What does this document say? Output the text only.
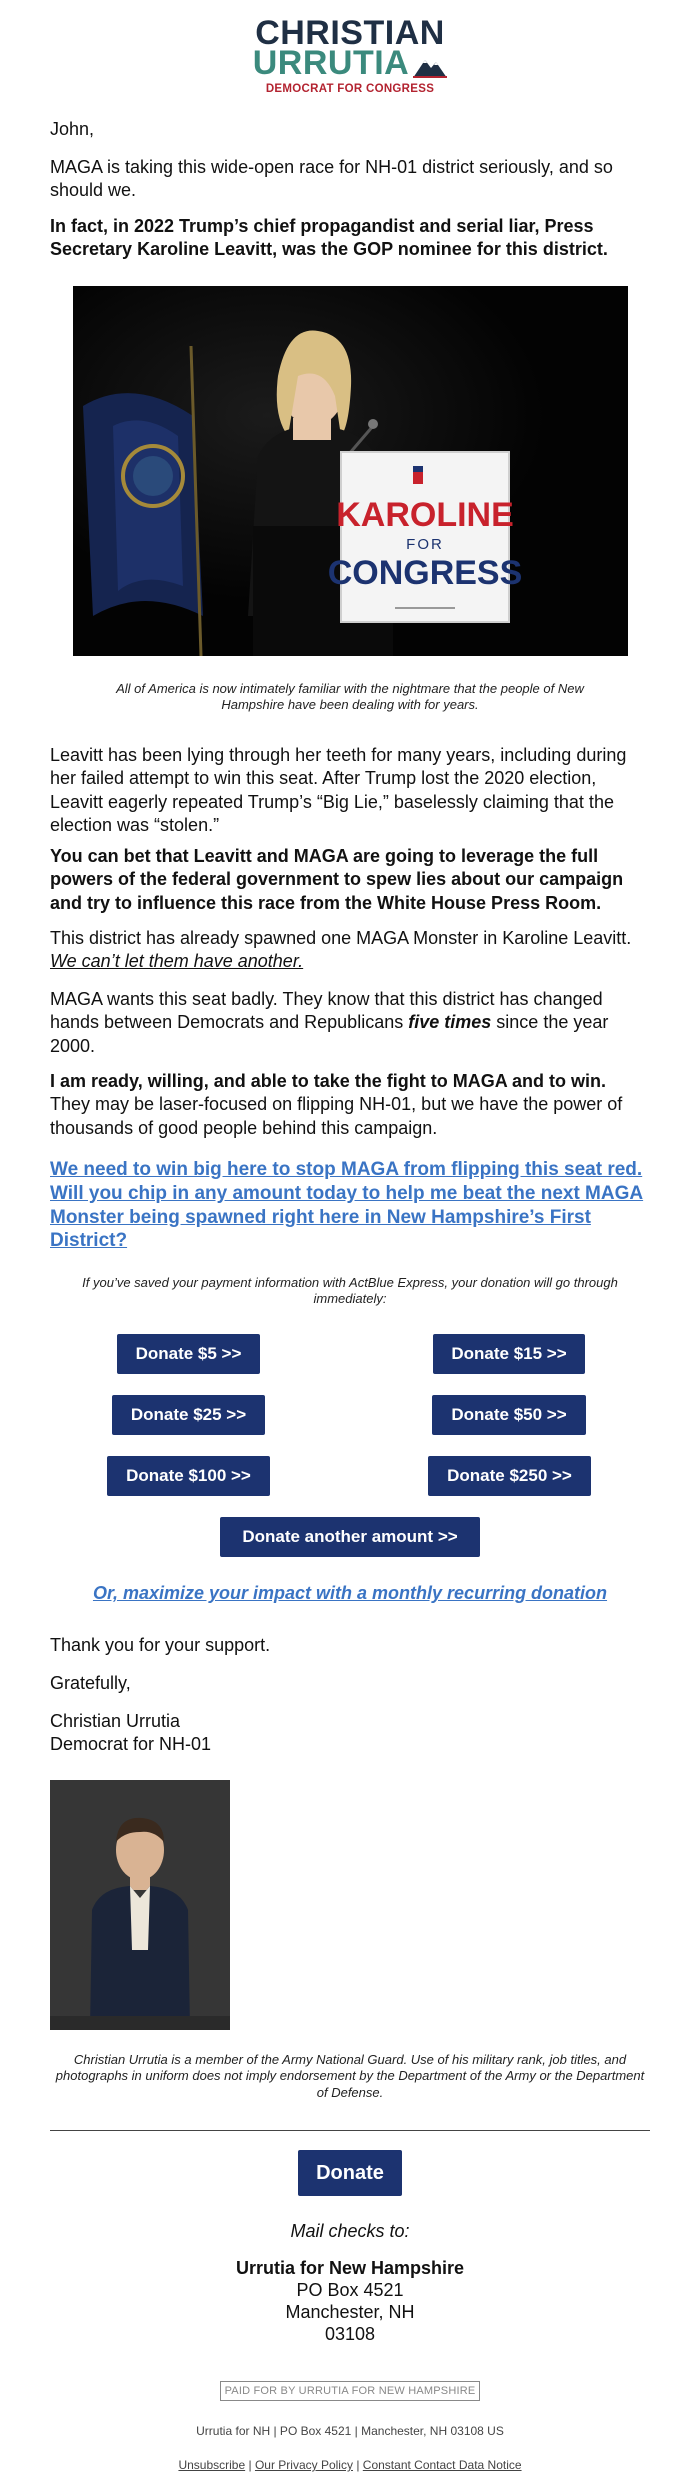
CHRISTIAN
URRUTIA
DEMOCRAT FOR CONGRESS
John,
MAGA is taking this wide-open race for NH-01 district seriously, and so should we.
In fact, in 2022 Trump’s chief propagandist and serial liar, Press Secretary Karoline Leavitt, was the GOP nominee for this district.
KAROLINE
FOR
CONGRESS
All of America is now intimately familiar with the nightmare that the people of New Hampshire have been dealing with for years.
Leavitt has been lying through her teeth for many years, including during her failed attempt to win this seat. After Trump lost the 2020 election, Leavitt eagerly repeated Trump’s “Big Lie,” baselessly claiming that the election was “stolen.”
You can bet that Leavitt and MAGA are going to leverage the full powers of the federal government to spew lies about our campaign and try to influence this race from the White House Press Room.
This district has already spawned one MAGA Monster in Karoline Leavitt. We can’t let them have another.
MAGA wants this seat badly. They know that this district has changed hands between Democrats and Republicans five times since the year 2000.
I am ready, willing, and able to take the fight to MAGA and to win. They may be laser-focused on flipping NH-01, but we have the power of thousands of good people behind this campaign.
We need to win big here to stop MAGA from flipping this seat red. Will you chip in any amount today to help me beat the next MAGA Monster being spawned right here in New Hampshire’s First District?
If you’ve saved your payment information with ActBlue Express, your donation will go through immediately:
Donate $5 >>	Donate $15 >>
Donate $25 >>	Donate $50 >>
Donate $100 >>	Donate $250 >>
Donate another amount >>
Or, maximize your impact with a monthly recurring donation
Thank you for your support.
Gratefully,
Christian Urrutia
Democrat for NH-01
Christian Urrutia is a member of the Army National Guard. Use of his military rank, job titles, and photographs in uniform does not imply endorsement by the Department of the Army or the Department of Defense.
Donate
Mail checks to:
Urrutia for New Hampshire
PO Box 4521
Manchester, NH
03108
PAID FOR BY URRUTIA FOR NEW HAMPSHIRE
Urrutia for NH | PO Box 4521 | Manchester, NH 03108 US
Unsubscribe | Our Privacy Policy | Constant Contact Data Notice
